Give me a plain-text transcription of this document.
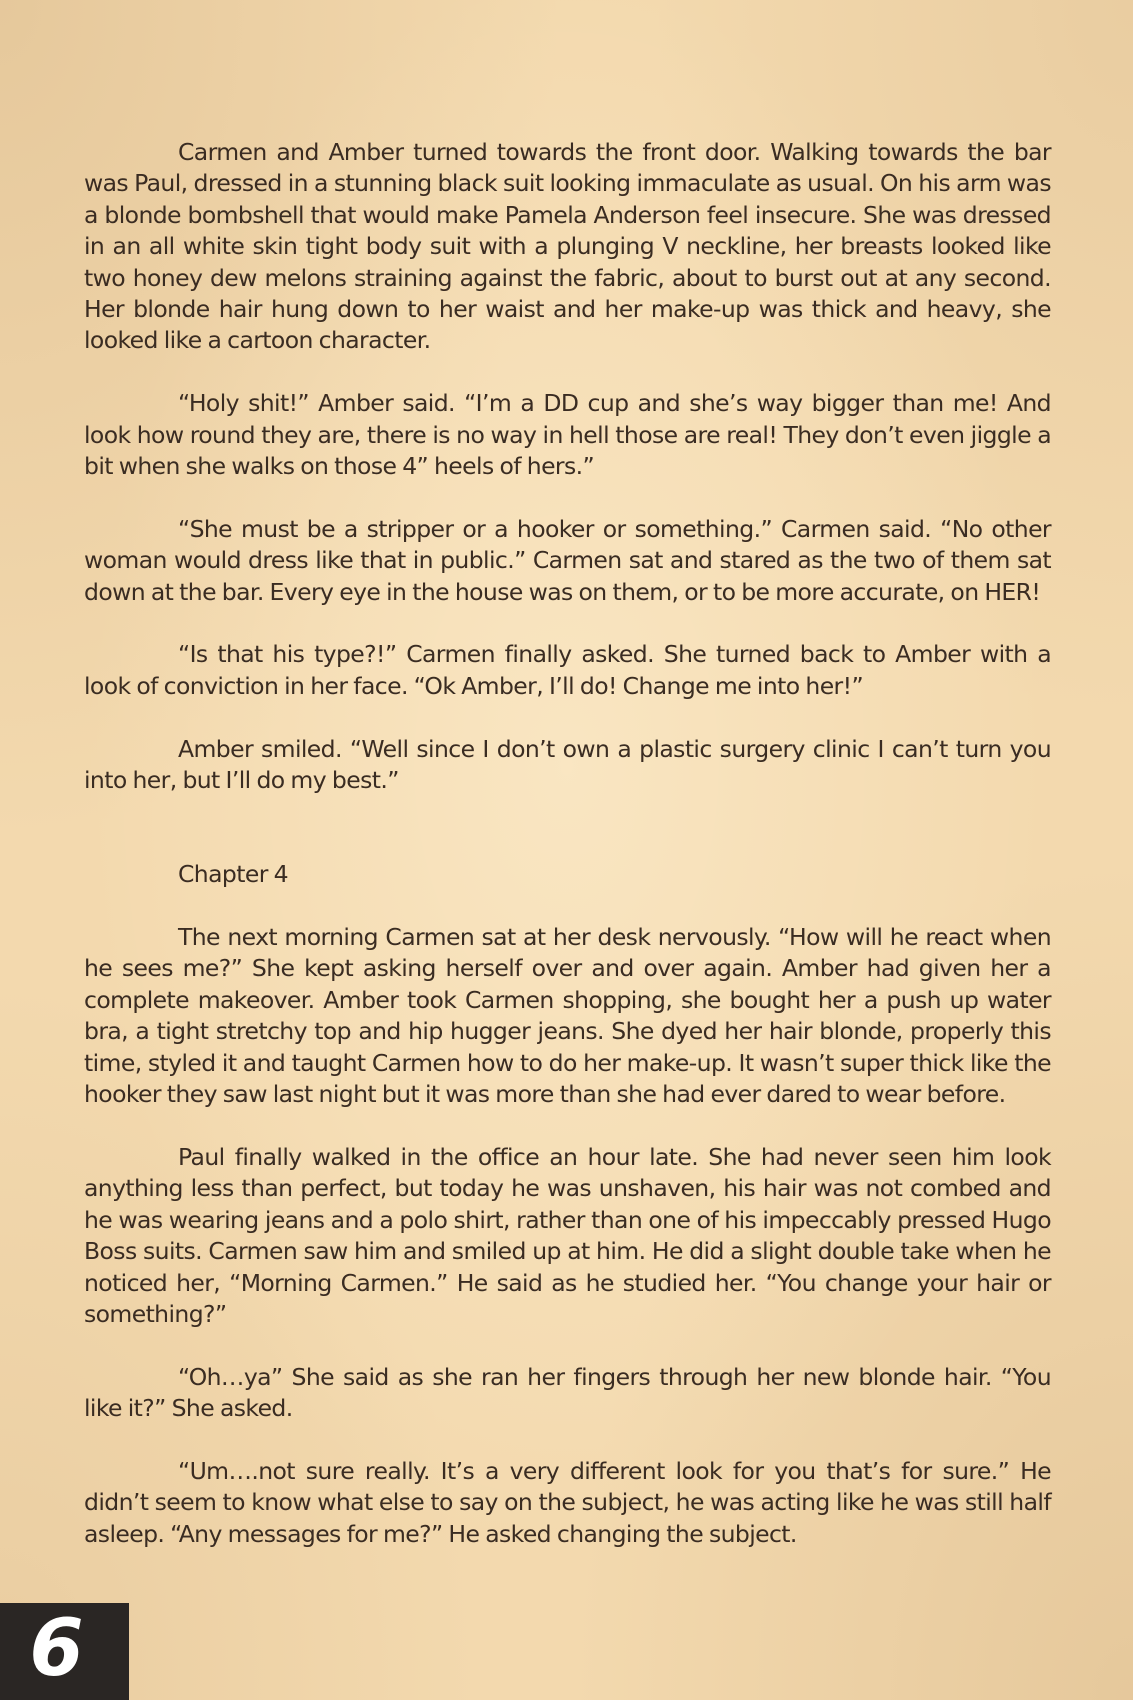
Carmen and Amber turned towards the front door. Walking towards the bar was Paul, dressed in a stunning black suit looking immaculate as usual. On his arm was a blonde bombshell that would make Pamela Anderson feel insecure. She was dressed in an all white skin tight body suit with a plunging V neckline, her breasts looked like two honey dew melons straining against the fabric, about to burst out at any second. Her blonde hair hung down to her waist and her make-up was thick and heavy, she looked like a cartoon character.

“Holy shit!” Amber said. “I’m a DD cup and she’s way bigger than me! And look how round they are, there is no way in hell those are real! They don’t even jiggle a bit when she walks on those 4” heels of hers.”

“She must be a stripper or a hooker or something.” Carmen said. “No other woman would dress like that in public.” Carmen sat and stared as the two of them sat down at the bar. Every eye in the house was on them, or to be more accurate, on HER!

“Is that his type?!” Carmen finally asked. She turned back to Amber with a look of conviction in her face. “Ok Amber, I’ll do! Change me into her!”

Amber smiled. “Well since I don’t own a plastic surgery clinic I can’t turn you into her, but I’ll do my best.”

Chapter 4

The next morning Carmen sat at her desk nervously. “How will he react when he sees me?” She kept asking herself over and over again. Amber had given her a complete makeover. Amber took Carmen shopping, she bought her a push up water bra, a tight stretchy top and hip hugger jeans. She dyed her hair blonde, properly this time, styled it and taught Carmen how to do her make-up. It wasn’t super thick like the hooker they saw last night but it was more than she had ever dared to wear before.

Paul finally walked in the office an hour late. She had never seen him look anything less than perfect, but today he was unshaven, his hair was not combed and he was wearing jeans and a polo shirt, rather than one of his impeccably pressed Hugo Boss suits. Carmen saw him and smiled up at him. He did a slight double take when he noticed her, “Morning Carmen.” He said as he studied her. “You change your hair or something?”

“Oh…ya” She said as she ran her fingers through her new blonde hair. “You like it?” She asked.

“Um….not sure really. It’s a very different look for you that’s for sure.” He didn’t seem to know what else to say on the subject, he was acting like he was still half asleep. “Any messages for me?” He asked changing the subject.

6
